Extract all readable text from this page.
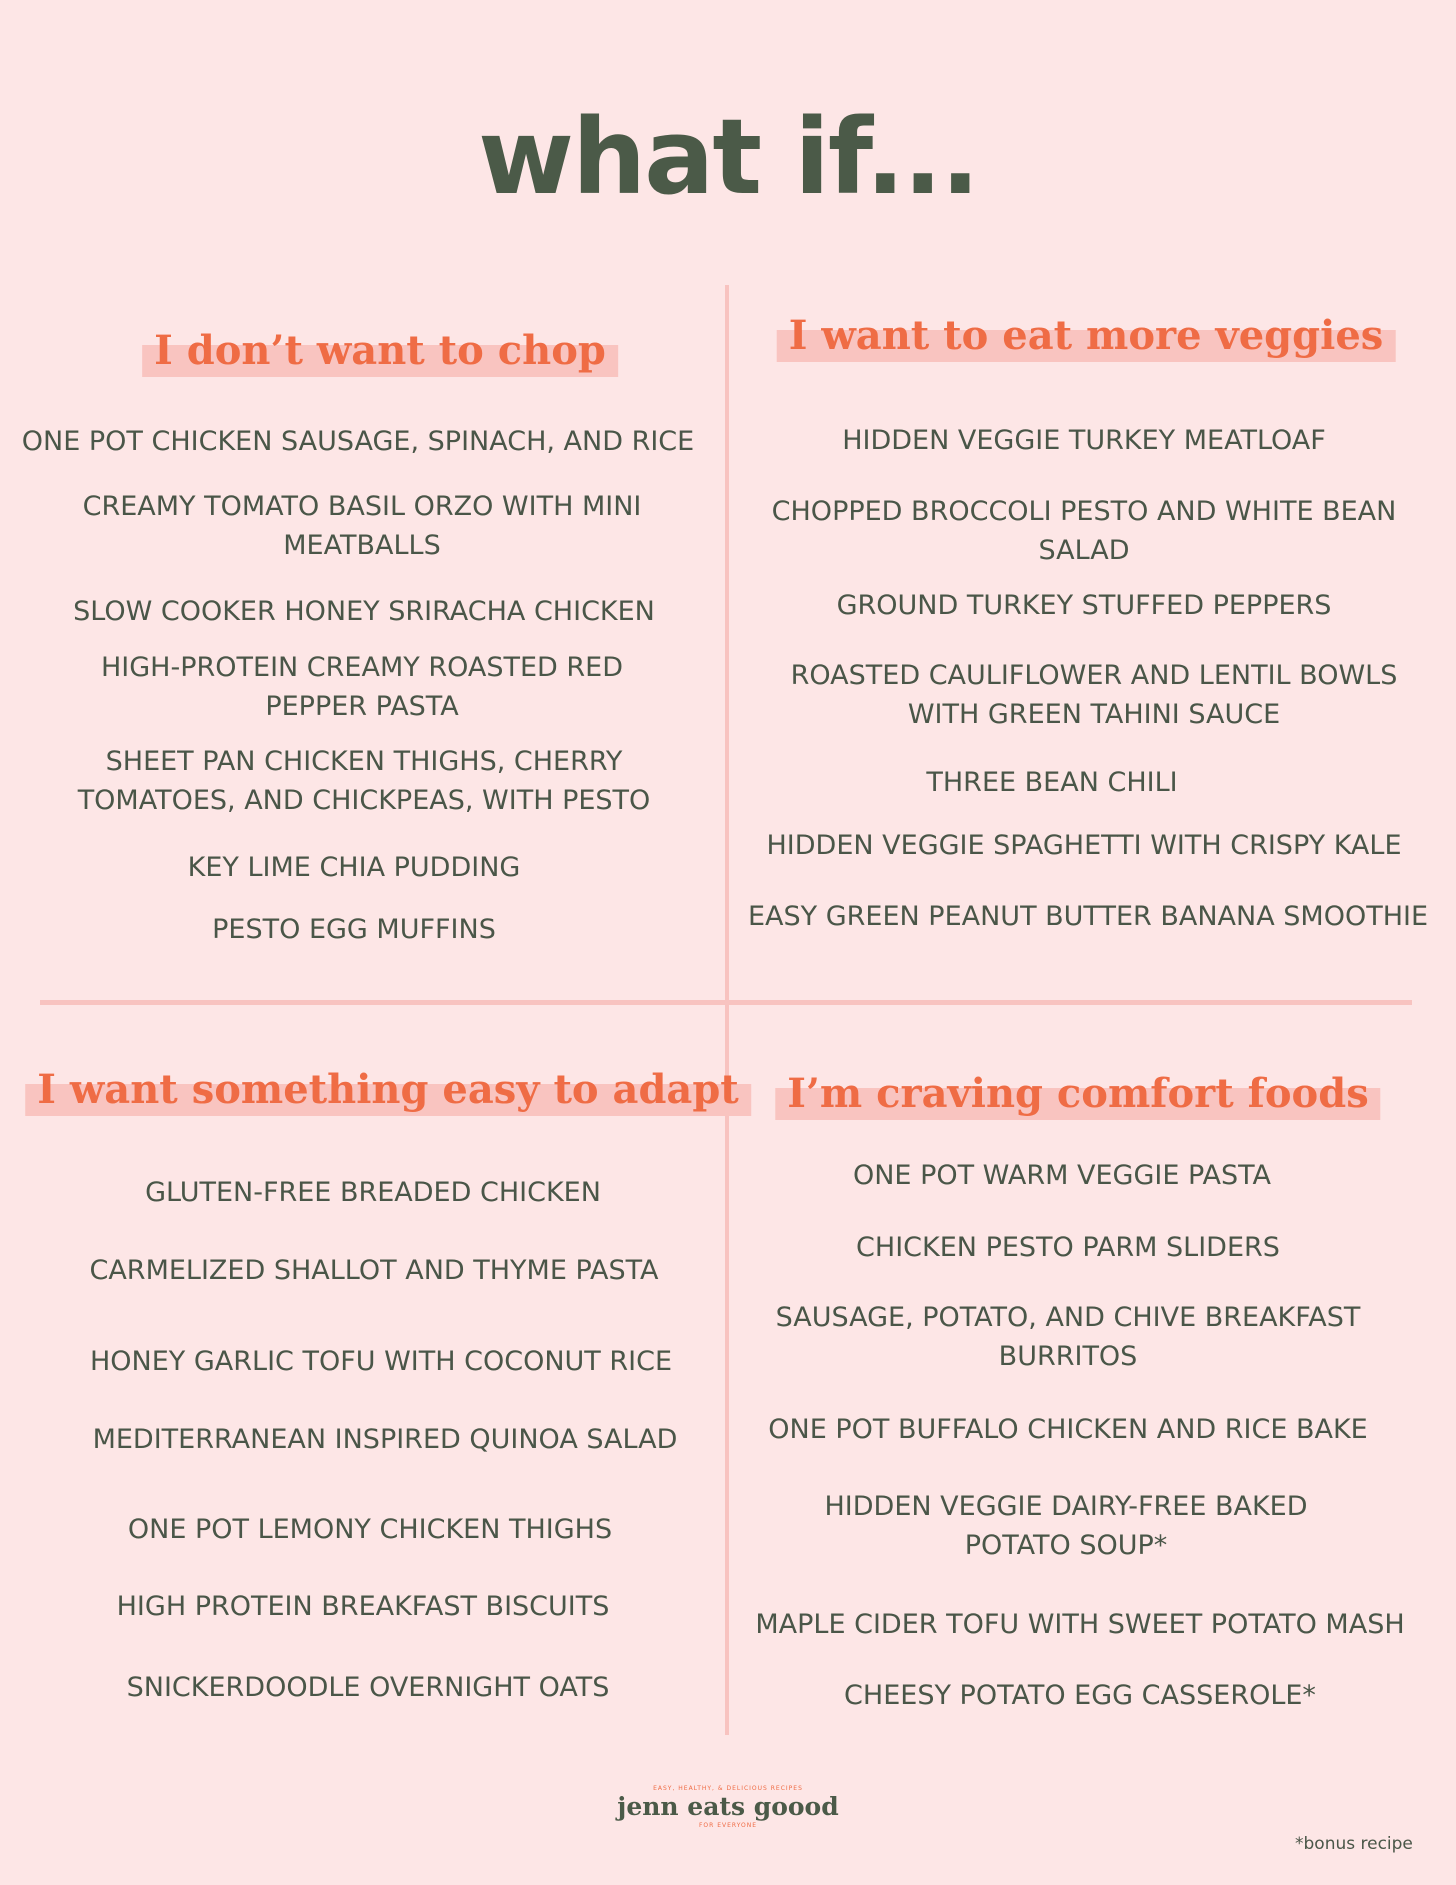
what if...
I don’t want to chop	I want to eat more veggies
I want something easy to adapt	I’m craving comfort foods
ONE POT CHICKEN SAUSAGE, SPINACH, AND RICE
CREAMY TOMATO BASIL ORZO WITH MINI
MEATBALLS
SLOW COOKER HONEY SRIRACHA CHICKEN
HIGH-PROTEIN CREAMY ROASTED RED
PEPPER PASTA
SHEET PAN CHICKEN THIGHS, CHERRY
TOMATOES, AND CHICKPEAS, WITH PESTO
KEY LIME CHIA PUDDING
PESTO EGG MUFFINS
HIDDEN VEGGIE TURKEY MEATLOAF
CHOPPED BROCCOLI PESTO AND WHITE BEAN
SALAD
GROUND TURKEY STUFFED PEPPERS
ROASTED CAULIFLOWER AND LENTIL BOWLS
WITH GREEN TAHINI SAUCE
THREE BEAN CHILI
HIDDEN VEGGIE SPAGHETTI WITH CRISPY KALE
EASY GREEN PEANUT BUTTER BANANA SMOOTHIE
GLUTEN-FREE BREADED CHICKEN
CARMELIZED SHALLOT AND THYME PASTA
HONEY GARLIC TOFU WITH COCONUT RICE
MEDITERRANEAN INSPIRED QUINOA SALAD
ONE POT LEMONY CHICKEN THIGHS
HIGH PROTEIN BREAKFAST BISCUITS
SNICKERDOODLE OVERNIGHT OATS
ONE POT WARM VEGGIE PASTA
CHICKEN PESTO PARM SLIDERS
SAUSAGE, POTATO, AND CHIVE BREAKFAST
BURRITOS
ONE POT BUFFALO CHICKEN AND RICE BAKE
HIDDEN VEGGIE DAIRY-FREE BAKED
POTATO SOUP*
MAPLE CIDER TOFU WITH SWEET POTATO MASH
CHEESY POTATO EGG CASSEROLE*
EASY, HEALTHY, & DELICIOUS RECIPES
jenn eats goood
FOR EVERYONE
*bonus recipe
